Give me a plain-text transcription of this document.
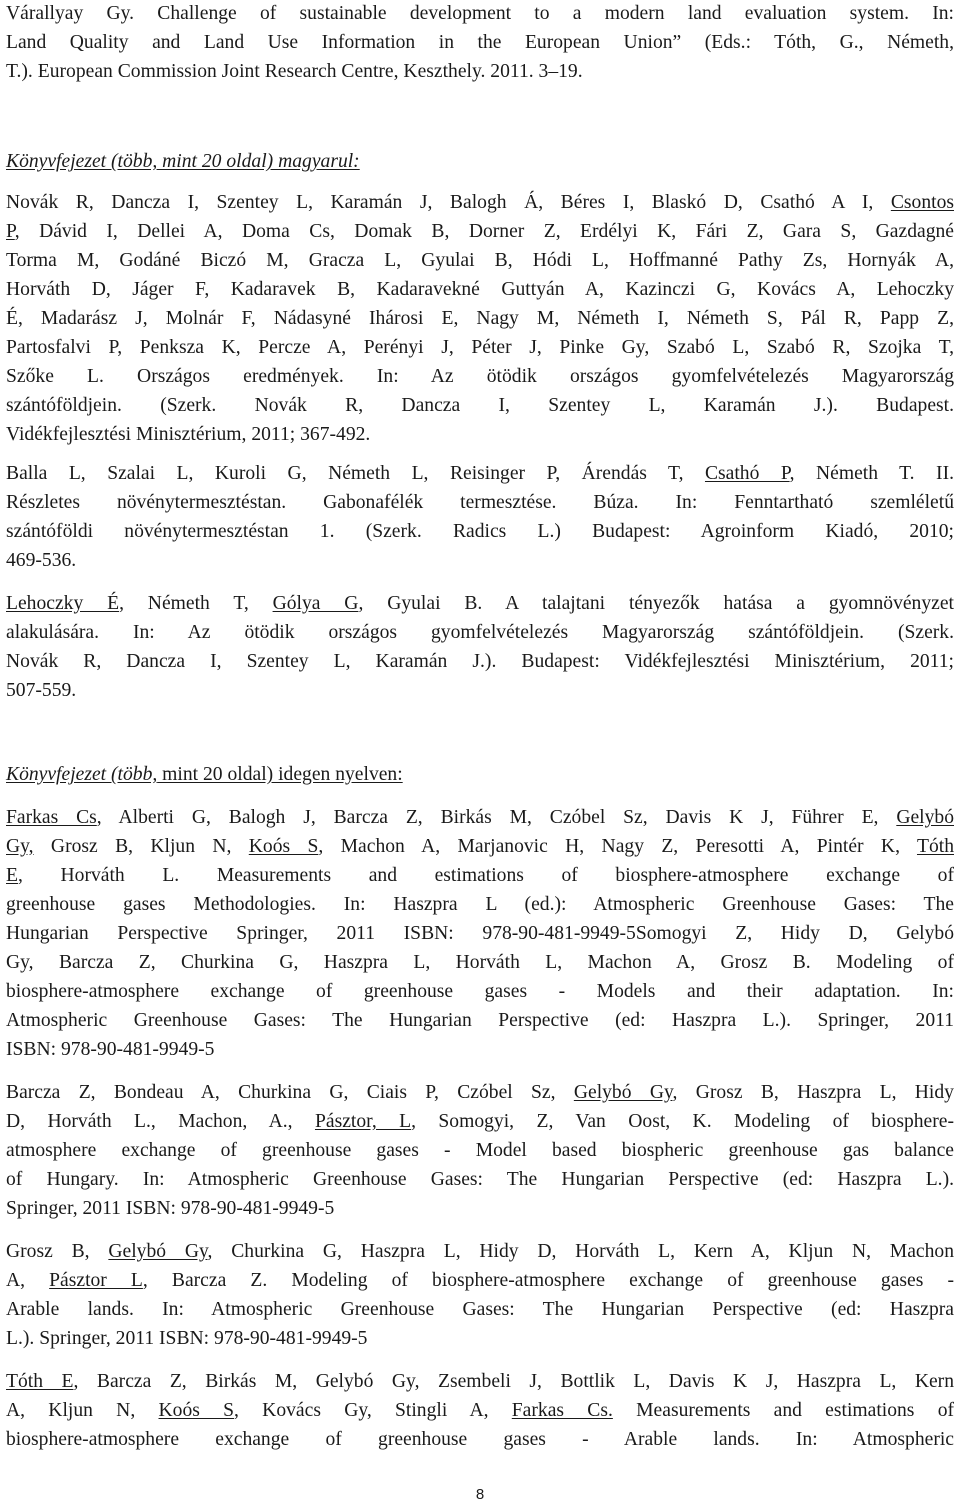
Várallyay Gy. Challenge of sustainable development to a modern land evaluation system. In:
Land Quality and Land Use Information in the European Union” (Eds.: Tóth, G., Németh,
T.). European Commission Joint Research Centre, Keszthely. 2011. 3–19.
Könyvfejezet (több, mint 20 oldal) magyarul:
Novák R, Dancza I, Szentey L, Karamán J, Balogh Á, Béres I, Blaskó D, Csathó A I, Csontos
P, Dávid I, Dellei A, Doma Cs, Domak B, Dorner Z, Erdélyi K, Fári Z, Gara S, Gazdagné
Torma M, Godáné Biczó M, Gracza L, Gyulai B, Hódi L, Hoffmanné Pathy Zs, Hornyák A,
Horváth D, Jáger F, Kadaravek B, Kadaravekné Guttyán A, Kazinczi G, Kovács A, Lehoczky
É, Madarász J, Molnár F, Nádasyné Ihárosi E, Nagy M, Németh I, Németh S, Pál R, Papp Z,
Partosfalvi P, Penksza K, Percze A, Perényi J, Péter J, Pinke Gy, Szabó L, Szabó R, Szojka T,
Szőke L. Országos eredmények. In: Az ötödik országos gyomfelvételezés Magyarország
szántóföldjein. (Szerk. Novák R, Dancza I, Szentey L, Karamán J.). Budapest.
Vidékfejlesztési Minisztérium, 2011; 367-492.
Balla L, Szalai L, Kuroli G, Németh L, Reisinger P, Árendás T, Csathó P, Németh T. II.
Részletes növénytermesztéstan. Gabonafélék termesztése. Búza. In: Fenntartható szemléletű
szántóföldi növénytermesztéstan 1. (Szerk. Radics L.) Budapest: Agroinform Kiadó, 2010;
469-536.
Lehoczky É, Németh T, Gólya G, Gyulai B. A talajtani tényezők hatása a gyomnövényzet
alakulására. In: Az ötödik országos gyomfelvételezés Magyarország szántóföldjein. (Szerk.
Novák R, Dancza I, Szentey L, Karamán J.). Budapest: Vidékfejlesztési Minisztérium, 2011;
507-559.
Könyvfejezet (több, mint 20 oldal) idegen nyelven:
Farkas Cs, Alberti G, Balogh J, Barcza Z, Birkás M, Czóbel Sz, Davis K J, Führer E, Gelybó
Gy, Grosz B, Kljun N, Koós S, Machon A, Marjanovic H, Nagy Z, Peresotti A, Pintér K, Tóth
E, Horváth L. Measurements and estimations of biosphere-atmosphere exchange of
greenhouse gases Methodologies. In: Haszpra L (ed.): Atmospheric Greenhouse Gases: The
Hungarian Perspective Springer, 2011 ISBN: 978-90-481-9949-5Somogyi Z, Hidy D, Gelybó
Gy, Barcza Z, Churkina G, Haszpra L, Horváth L, Machon A, Grosz B. Modeling of
biosphere-atmosphere exchange of greenhouse gases - Models and their adaptation. In:
Atmospheric Greenhouse Gases: The Hungarian Perspective (ed: Haszpra L.). Springer, 2011
ISBN: 978-90-481-9949-5
Barcza Z, Bondeau A, Churkina G, Ciais P, Czóbel Sz, Gelybó Gy, Grosz B, Haszpra L, Hidy
D, Horváth L., Machon, A., Pásztor, L, Somogyi, Z, Van Oost, K. Modeling of biosphere-
atmosphere exchange of greenhouse gases - Model based biospheric greenhouse gas balance
of Hungary. In: Atmospheric Greenhouse Gases: The Hungarian Perspective (ed: Haszpra L.).
Springer, 2011 ISBN: 978-90-481-9949-5
Grosz B, Gelybó Gy, Churkina G, Haszpra L, Hidy D, Horváth L, Kern A, Kljun N, Machon
A, Pásztor L, Barcza Z. Modeling of biosphere-atmosphere exchange of greenhouse gases -
Arable lands. In: Atmospheric Greenhouse Gases: The Hungarian Perspective (ed: Haszpra
L.). Springer, 2011 ISBN: 978-90-481-9949-5
Tóth E, Barcza Z, Birkás M, Gelybó Gy, Zsembeli J, Bottlik L, Davis K J, Haszpra L, Kern
A, Kljun N, Koós S, Kovács Gy, Stingli A, Farkas Cs. Measurements and estimations of
biosphere-atmosphere exchange of greenhouse gases - Arable lands. In: Atmospheric
8
